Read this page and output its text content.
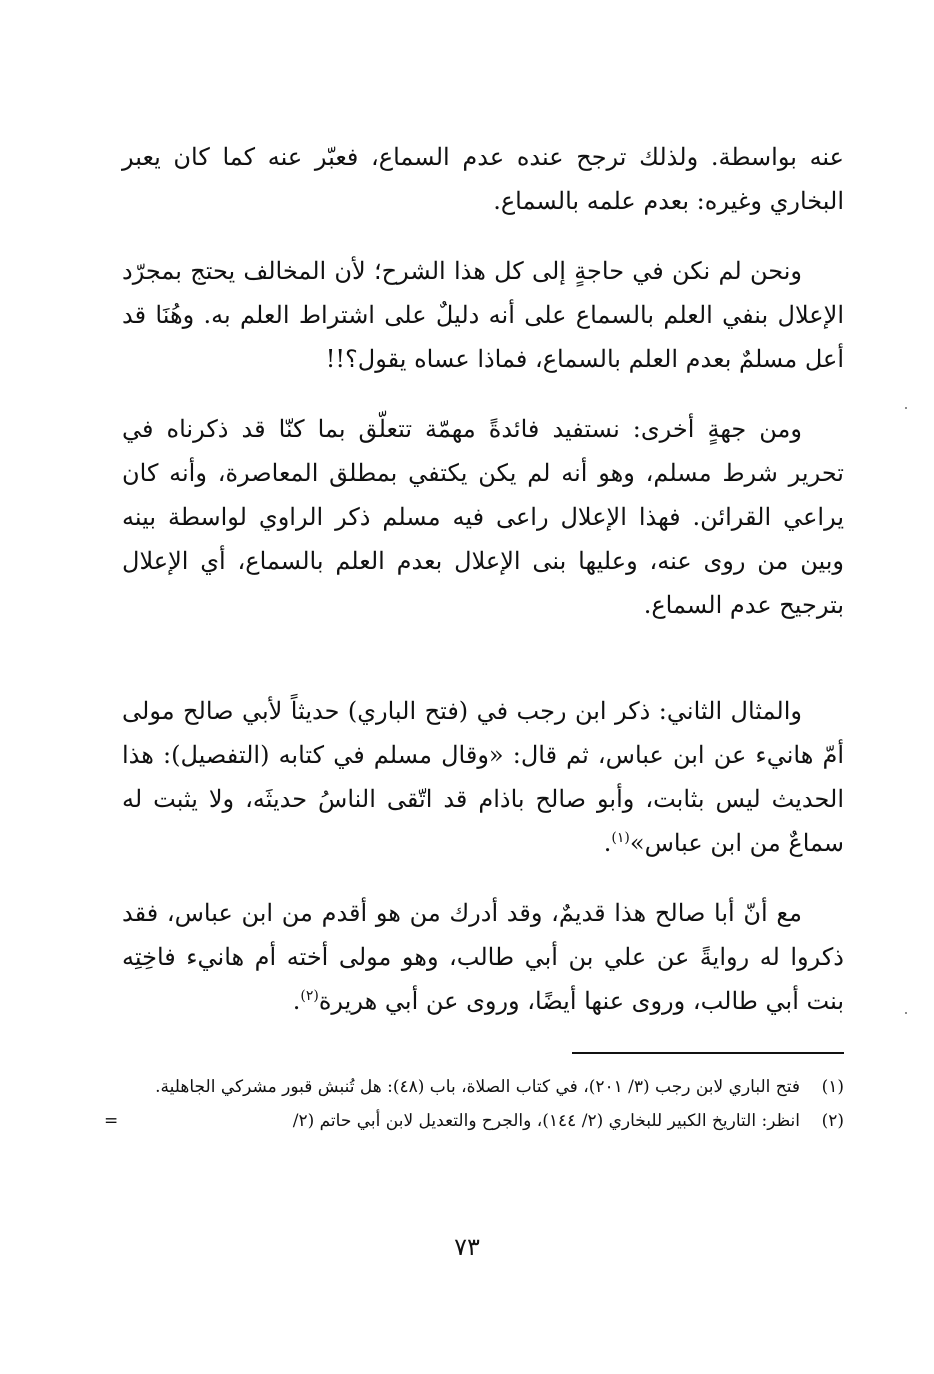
عنه بواسطة. ولذلك ترجح عنده عدم السماع، فعبّر عنه كما كان يعبر البخاري وغيره: بعدم علمه بالسماع.

ونحن لم نكن في حاجةٍ إلى كل هذا الشرح؛ لأن المخالف يحتج بمجرّد الإعلال بنفي العلم بالسماع على أنه دليلٌ على اشتراط العلم به. وهُنَا قد أعل مسلمٌ بعدم العلم بالسماع، فماذا عساه يقول؟!!

ومن جهةٍ أخرى: نستفيد فائدةً مهمّة تتعلّق بما كنّا قد ذكرناه في تحرير شرط مسلم، وهو أنه لم يكن يكتفي بمطلق المعاصرة، وأنه كان يراعي القرائن. فهذا الإعلال راعى فيه مسلم ذكر الراوي لواسطة بينه وبين من روى عنه، وعليها بنى الإعلال بعدم العلم بالسماع، أي الإعلال بترجيح عدم السماع.

والمثال الثاني: ذكر ابن رجب في (فتح الباري) حديثاً لأبي صالح مولى أمّ هانيء عن ابن عباس، ثم قال: «وقال مسلم في كتابه (التفصيل): هذا الحديث ليس بثابت، وأبو صالح باذام قد اتّقى الناسُ حديثَه، ولا يثبت له سماعٌ من ابن عباس»$^{(١)}$.

مع أنّ أبا صالح هذا قديمٌ، وقد أدرك من هو أقدم من ابن عباس، فقد ذكروا له روايةً عن علي بن أبي طالب، وهو مولى أخته أم هانيء فاخِتِه بنت أبي طالب، وروى عنها أيضًا، وروى عن أبي هريرة$^{(٢)}$.

(١)
فتح الباري لابن رجب (٣/ ٢٠١)، في كتاب الصلاة، باب (٤٨): هل تُنبش قبور مشركي الجاهلية.
(٢)
انظر: التاريخ الكبير للبخاري (٢/ ١٤٤)، والجرح والتعديل لابن أبي حاتم (٢/
=
٧٣
